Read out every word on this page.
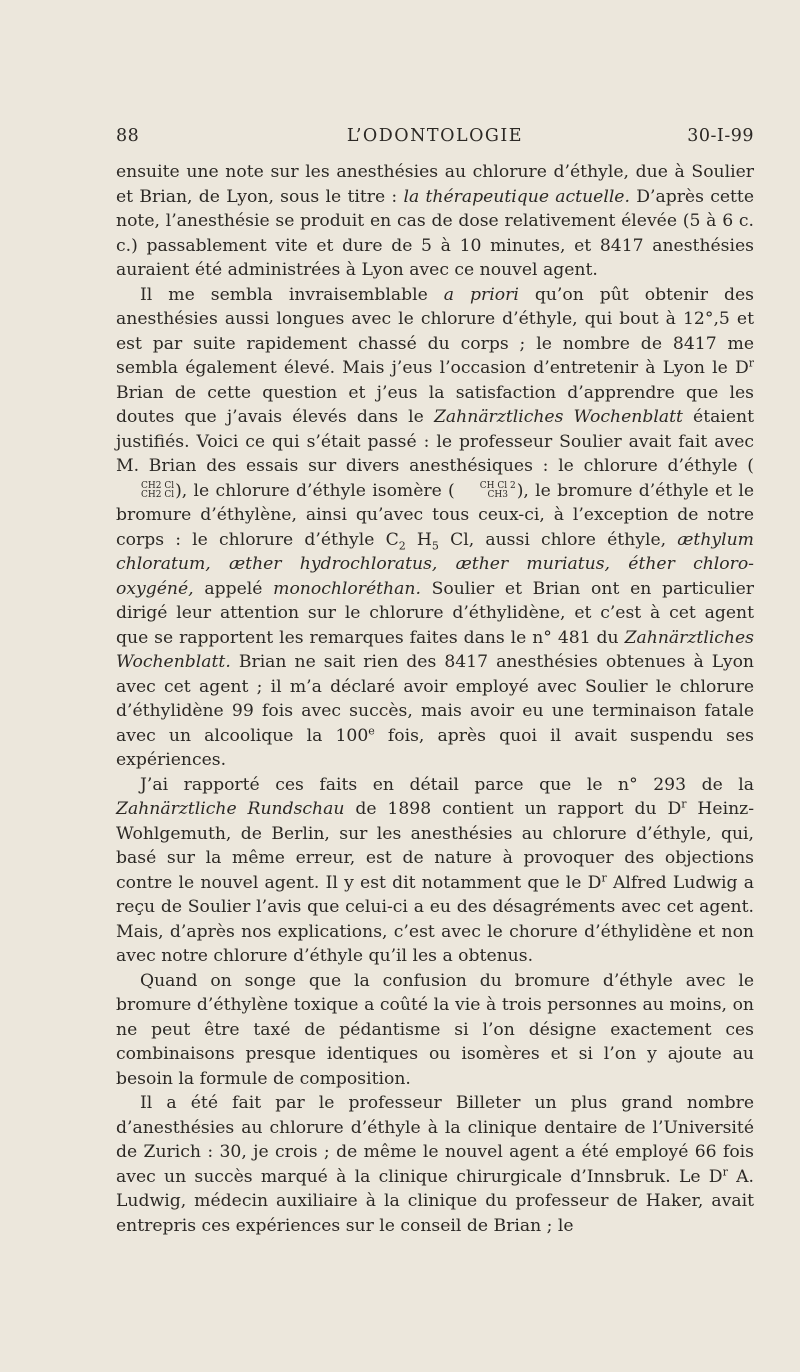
88	L’ODONTOLOGIE	30-I-99

ensuite une note sur les anesthésies au chlorure d’éthyle, due à Soulier et Brian, de Lyon, sous le titre : la thérapeutique actuelle. D’après cette note, l’anesthésie se produit en cas de dose relativement élevée (5 à 6 c. c.) passablement vite et dure de 5 à 10 minutes, et 8417 anesthésies auraient été administrées à Lyon avec ce nouvel agent.

Il me sembla invraisemblable a priori qu’on pût obtenir des anesthésies aussi longues avec le chlorure d’éthyle, qui bout à 12°,5 et est par suite rapidement chassé du corps ; le nombre de 8417 me sembla également élevé. Mais j’eus l’occasion d’entretenir à Lyon le $D^r$ Brian de cette question et j’eus la satisfaction d’apprendre que les doutes que j’avais élevés dans le Zahnärztliches Wochenblatt étaient justifiés. Voici ce qui s’était passé : le professeur Soulier avait fait avec M. Brian des essais sur divers anesthésiques : le chlorure d’éthyle (
CH2 Cl
CH2 Cl ), le chlorure d’éthyle isomère (	CH Cl 2
CH3 ), le bromure d’éthyle et le bromure d’éthylène, ainsi qu’avec tous ceux-ci, à l’exception de notre corps : le chlorure d’éthyle $C_2$ $H_5$ Cl, aussi chlore éthyle, æthylum chloratum, æther hydrochloratus, æther muriatus, éther chloro-oxygéné, appelé monochloréthan. Soulier et Brian ont en particulier dirigé leur attention sur le chlorure d’éthylidène, et c’est à cet agent que se rapportent les remarques faites dans le n° 481 du Zahnärztliches Wochenblatt. Brian ne sait rien des 8417 anesthésies obtenues à Lyon avec cet agent ; il m’a déclaré avoir employé avec Soulier le chlorure d’éthylidène 99 fois avec succès, mais avoir eu une terminaison fatale avec un alcoolique la 100e fois, après quoi il avait suspendu ses expériences.

J’ai rapporté ces faits en détail parce que le n° 293 de la Zahnärztliche Rundschau de 1898 contient un rapport du $D^r$ Heinz-Wohlgemuth, de Berlin, sur les anesthésies au chlorure d’éthyle, qui, basé sur la même erreur, est de nature à provoquer des objections contre le nouvel agent. Il y est dit notamment que le $D^r$ Alfred Ludwig a reçu de Soulier l’avis que celui-ci a eu des désagréments avec cet agent. Mais, d’après nos explications, c’est avec le chorure d’éthylidène et non avec notre chlorure d’éthyle qu’il les a obtenus.

Quand on songe que la confusion du bromure d’éthyle avec le bromure d’éthylène toxique a coûté la vie à trois personnes au moins, on ne peut être taxé de pédantisme si l’on désigne exactement ces combinaisons presque identiques ou isomères et si l’on y ajoute au besoin la formule de composition.

Il a été fait par le professeur Billeter un plus grand nombre d’anesthésies au chlorure d’éthyle à la clinique dentaire de l’Université de Zurich : 30, je crois ; de même le nouvel agent a été employé 66 fois avec un succès marqué à la clinique chirurgicale d’Innsbruk. Le $D^r$ A. Ludwig, médecin auxiliaire à la clinique du professeur de Haker, avait entrepris ces expériences sur le conseil de Brian ; le
